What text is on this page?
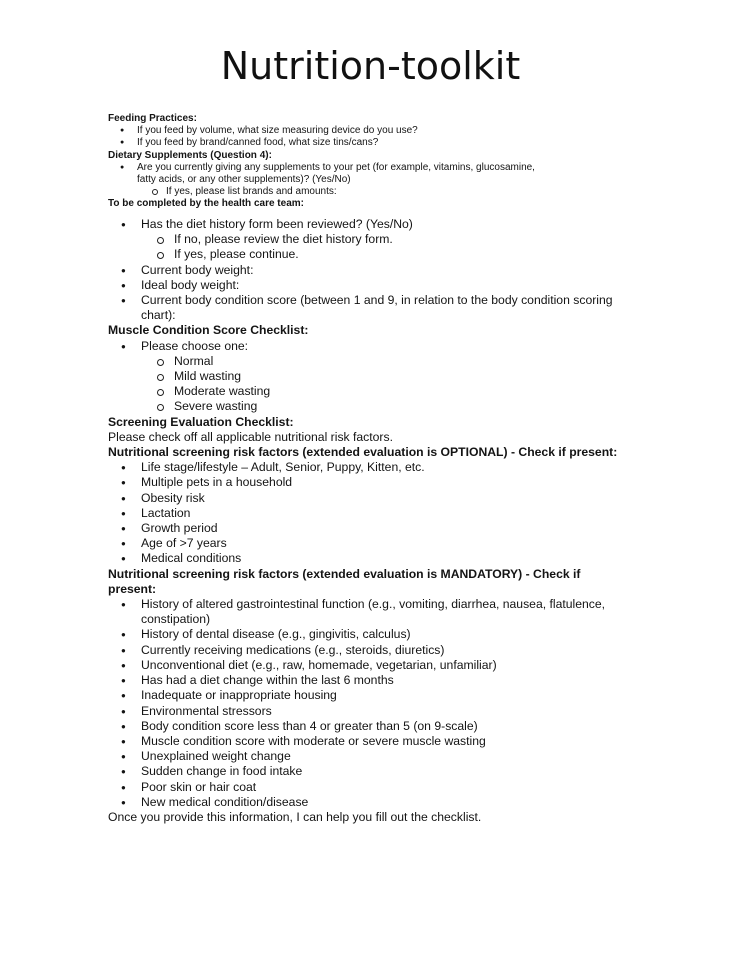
Nutrition-toolkit
Feeding Practices:
● If you feed by volume, what size measuring device do you use?
● If you feed by brand/canned food, what size tins/cans?
Dietary Supplements (Question 4):
● Are you currently giving any supplements to your pet (for example, vitamins, glucosamine,
fatty acids, or any other supplements)? (Yes/No)
If yes, please list brands and amounts:
To be completed by the health care team:
● Has the diet history form been reviewed? (Yes/No)
If no, please review the diet history form.
If yes, please continue.
● Current body weight:
● Ideal body weight:
● Current body condition score (between 1 and 9, in relation to the body condition scoring
chart):
Muscle Condition Score Checklist:
● Please choose one:
Normal
Mild wasting
Moderate wasting
Severe wasting
Screening Evaluation Checklist:
Please check off all applicable nutritional risk factors.
Nutritional screening risk factors (extended evaluation is OPTIONAL) - Check if present:
● Life stage/lifestyle – Adult, Senior, Puppy, Kitten, etc.
● Multiple pets in a household
● Obesity risk
● Lactation
● Growth period
● Age of >7 years
● Medical conditions
Nutritional screening risk factors (extended evaluation is MANDATORY) - Check if
present:
● History of altered gastrointestinal function (e.g., vomiting, diarrhea, nausea, flatulence,
constipation)
● History of dental disease (e.g., gingivitis, calculus)
● Currently receiving medications (e.g., steroids, diuretics)
● Unconventional diet (e.g., raw, homemade, vegetarian, unfamiliar)
● Has had a diet change within the last 6 months
● Inadequate or inappropriate housing
● Environmental stressors
● Body condition score less than 4 or greater than 5 (on 9-scale)
● Muscle condition score with moderate or severe muscle wasting
● Unexplained weight change
● Sudden change in food intake
● Poor skin or hair coat
● New medical condition/disease
Once you provide this information, I can help you fill out the checklist.
